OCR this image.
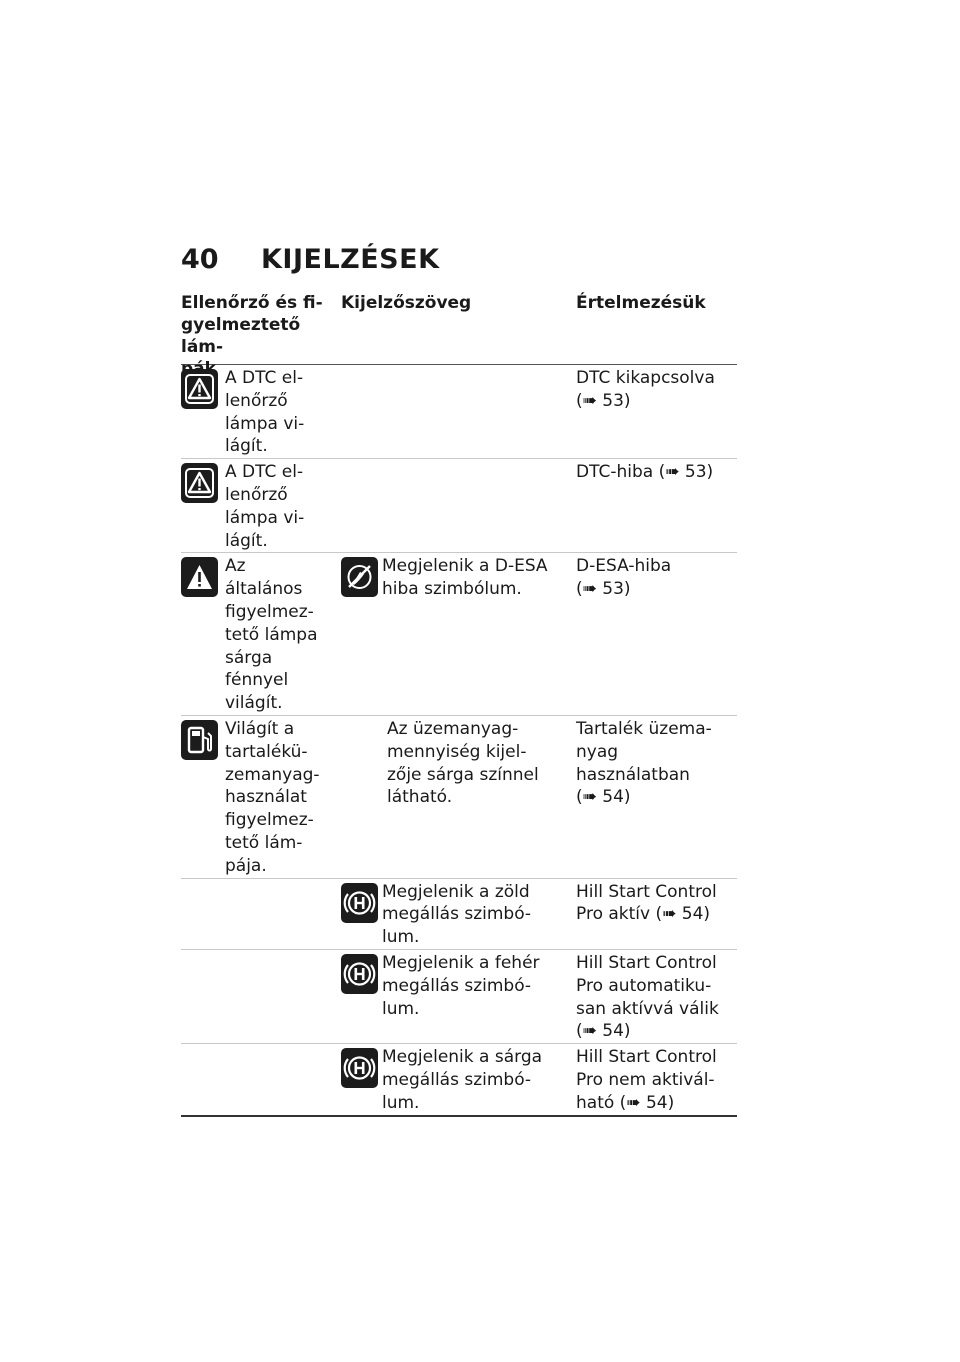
40	KIJELZÉSEK
Ellenőrző és fi-
gyelmeztető lám-
Kijelzőszöveg	Értelmezésük
A DTC el-
lenőrző
lámpa vi-
lágít.
DTC kikapcsolva
(➠ 53)
A DTC el-
lenőrző
lámpa vi-
lágít.
DTC-hiba (➠ 53)
Az
általános
figyelmez-
tető lámpa
sárga
fénnyel
világít.
Megjelenik a D-ESA
hiba szimbólum.
D-ESA-hiba
(➠ 53)
Világít a
tartalékü-
zemanyag-
használat
figyelmez-
tető lám-
pája.
Az üzemanyag-
mennyiség kijel-
zője sárga színnel
látható.
Tartalék üzema-
nyag használatban
(➠ 54)
Megjelenik a zöld
megállás szimbó-
lum.
Hill Start Control
Pro aktív (➠ 54)
Megjelenik a fehér
megállás szimbó-
lum.
Hill Start Control
Pro automatiku-
san aktívvá válik
(➠ 54)
Megjelenik a sárga
megállás szimbó-
lum.
Hill Start Control
Pro nem aktivál-
ható (➠ 54)
